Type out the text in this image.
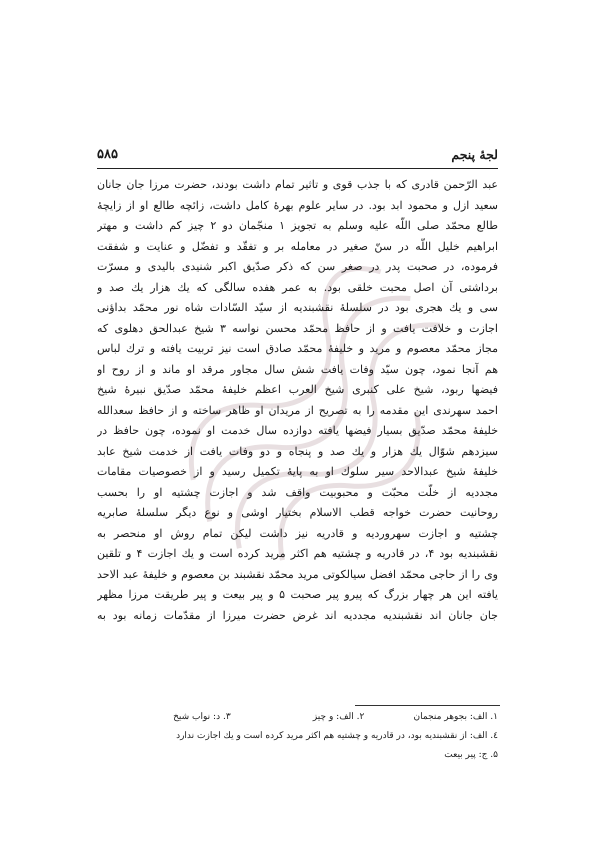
لجهٔ پنجم
۵۸۵
عبد الرّحمن قادری که با جذب قوی و تاثیر تمام داشت بودند، حضرت مرزا جان جانان
سعید ازل و محمود ابد بود. در سایر علوم بهرهٔ کامل داشت، زائچه طالع او از زایچهٔ
طالع محمّد صلی اللّه علیه وسلم به تجویز ۱ منجّمان دو ۲ چیز کم داشت و مهتر
ابراهیم خلیل اللّه در سنّ صغیر در معامله بر و تفقّد و تفضّل و عنایت و شفقت
فرموده، در صحبت پدر در صغر سن که ذکر صدّیق اکبر شنیدی بالیدی و مسرّت
برداشتی آن اصل محبت خلقی بود. به عمر هفده سالگی که یك هزار یك صد و
سی و یك هجری بود در سلسلهٔ نقشبندیه از سیّد السّادات شاه نور محمّد بداؤنی
اجازت و خلافت یافت و از حافظ محمّد محسن نواسه ۳ شیخ عبدالحق دهلوی که
مجاز محمّد معصوم و مرید و خلیفهٔ محمّد صادق است نیز تربیت یافته و ترك لباس
هم آنجا نمود، چون سیّد وفات یافت شش سال مجاور مرقد او ماند و از روح او
فیضها ربود، شیخ علی کنبری شیخ العرب اعظم خلیفهٔ محمّد صدّیق نبیرهٔ شیخ
احمد سهرندی این مقدمه را به تصریح از مریدان او ظاهر ساخته و از حافظ سعدالله
خلیفهٔ محمّد صدّیق بسیار فیضها یافته دوازده سال خدمت او نموده، چون حافظ در
سیزدهم شوّال یك هزار و یك صد و پنجاه و دو وفات یافت از خدمت شیخ عابد
خلیفهٔ شیخ عبدالاحد سیر سلوك او به پایهٔ تکمیل رسید و از خصوصیات مقامات
مجددیه از خلّت محبّت و محبوبیت واقف شد و اجازت چشتیه او را بحسب
روحانیت حضرت خواجه قطب الاسلام بختیار اوشی و نوع دیگر سلسلهٔ صابریه
چشتیه و اجازت سهروردیه و قادریه نیز داشت لیکن تمام روش او منحصر به
نقشبندیه بود ۴، در قادریه و چشتیه هم اکثر مرید کرده است و یك اجازت ۴ و تلقین
وی را از حاجی محمّد افضل سیالکوتی مرید محمّد نقشبند بن معصوم و خلیفهٔ عبد الاحد
یافته این هر چهار بزرگ که پیرو پیر صحبت ۵ و پیر بیعت و پیر طریقت مرزا مظهر
جان جانان اند نقشبندیه مجددیه اند غرض حضرت میرزا از مقدّمات زمانه بود به
۱. الف: بجوهر منجمان
۲. الف: و چیز
۳. د: نواب شیخ
٤. الف: از نقشبندیه بود، در قادریه و چشتیه هم اکثر مرید کرده است و یك اجازت ندارد
۵. ج: پیر بیعت
